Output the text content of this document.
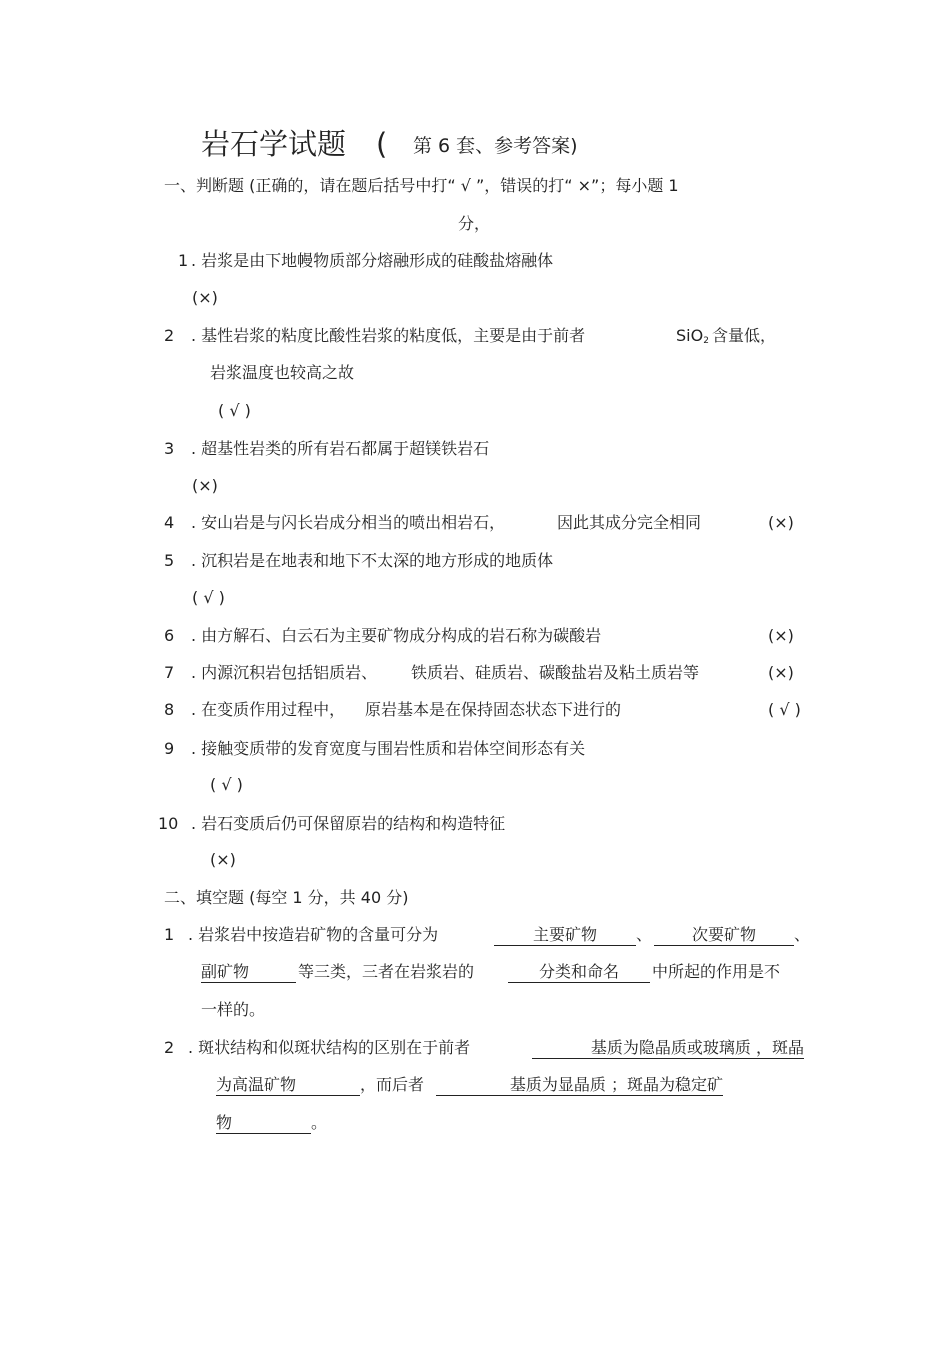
岩石学试题 ( 第 6 套、参考答案)
一、判断题 (正确的，请在题后括号中打“ √ ”，错误的打“ ×”；每小题 1
分，
1 . 岩浆是由下地幔物质部分熔融形成的硅酸盐熔融体
(×)
2 . 基性岩浆的粘度比酸性岩浆的粘度低，主要是由于前者	SiO$_2$ 含量低，
岩浆温度也较高之故
( √ )
3 . 超基性岩类的所有岩石都属于超镁铁岩石
(×)
4 . 安山岩是与闪长岩成分相当的喷出相岩石，	因此其成分完全相同	(×)
5 . 沉积岩是在地表和地下不太深的地方形成的地质体
( √ )
6 . 由方解石、白云石为主要矿物成分构成的岩石称为碳酸岩	(×)
7 . 内源沉积岩包括铝质岩、 铁质岩、硅质岩、碳酸盐岩及粘土质岩等	(×)
8 . 在变质作用过程中， 原岩基本是在保持固态状态下进行的	( √ )
9 . 接触变质带的发育宽度与围岩性质和岩体空间形态有关
( √ )
10 . 岩石变质后仍可保留原岩的结构和构造特征
(×)
二、填空题 (每空 1 分，共 40 分)
1 . 岩浆岩中按造岩矿物的含量可分为	主要矿物	、	次要矿物	、
副矿物	等三类，三者在岩浆岩的	分类和命名	中所起的作用是不
一样的。
2 . 斑状结构和似斑状结构的区别在于前者	基质为隐晶质或玻璃质 ，斑晶
为高温矿物	，而后者	基质为显晶质 ；斑晶为稳定矿
物	。
